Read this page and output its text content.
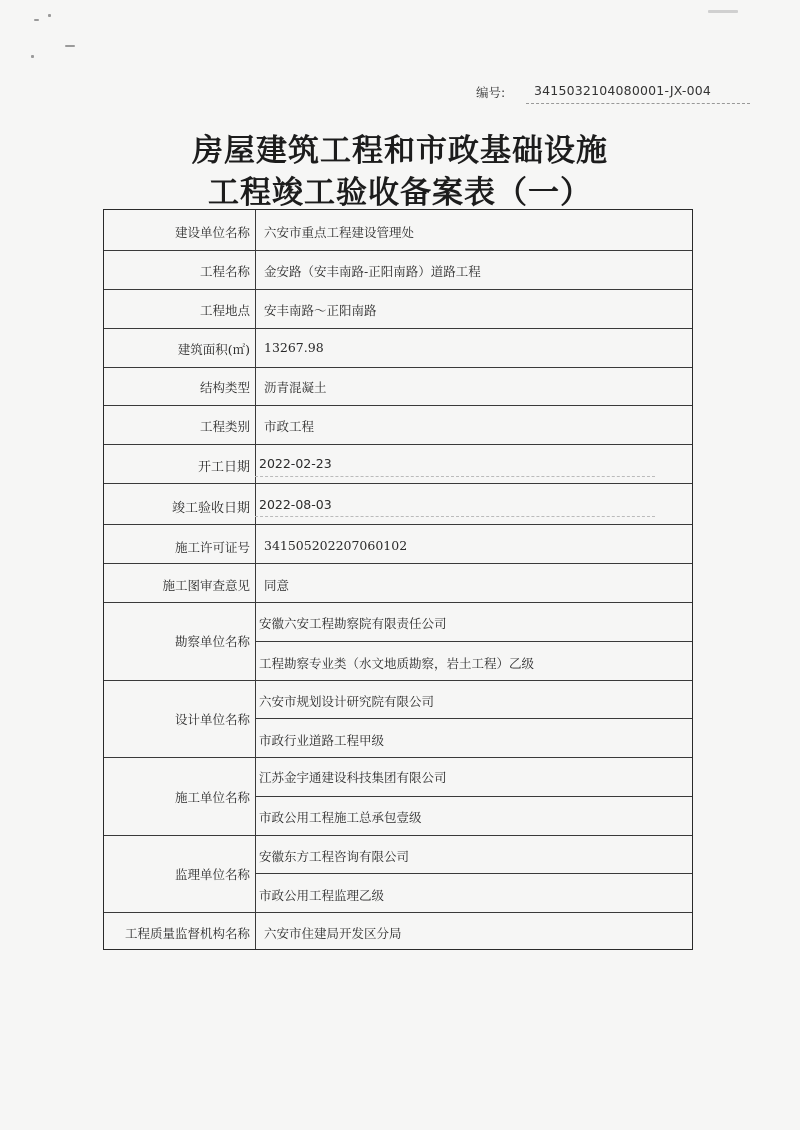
编号: 3415032104080001-JX-004
房屋建筑工程和市政基础设施
工程竣工验收备案表（一）
建设单位名称 六安市重点工程建设管理处
工程名称 金安路（安丰南路-正阳南路）道路工程
工程地点 安丰南路～正阳南路
建筑面积(㎡) 13267.98
结构类型 沥青混凝土
工程类别 市政工程
开工日期 2022-02-23
竣工验收日期 2022-08-03
施工许可证号 341505202207060102
施工图审查意见 同意
勘察单位名称
安徽六安工程勘察院有限责任公司
工程勘察专业类（水文地质勘察，岩土工程）乙级
设计单位名称
六安市规划设计研究院有限公司
市政行业道路工程甲级
施工单位名称
江苏金宇通建设科技集团有限公司
市政公用工程施工总承包壹级
监理单位名称
安徽东方工程咨询有限公司
市政公用工程监理乙级
工程质量监督机构名称 六安市住建局开发区分局
